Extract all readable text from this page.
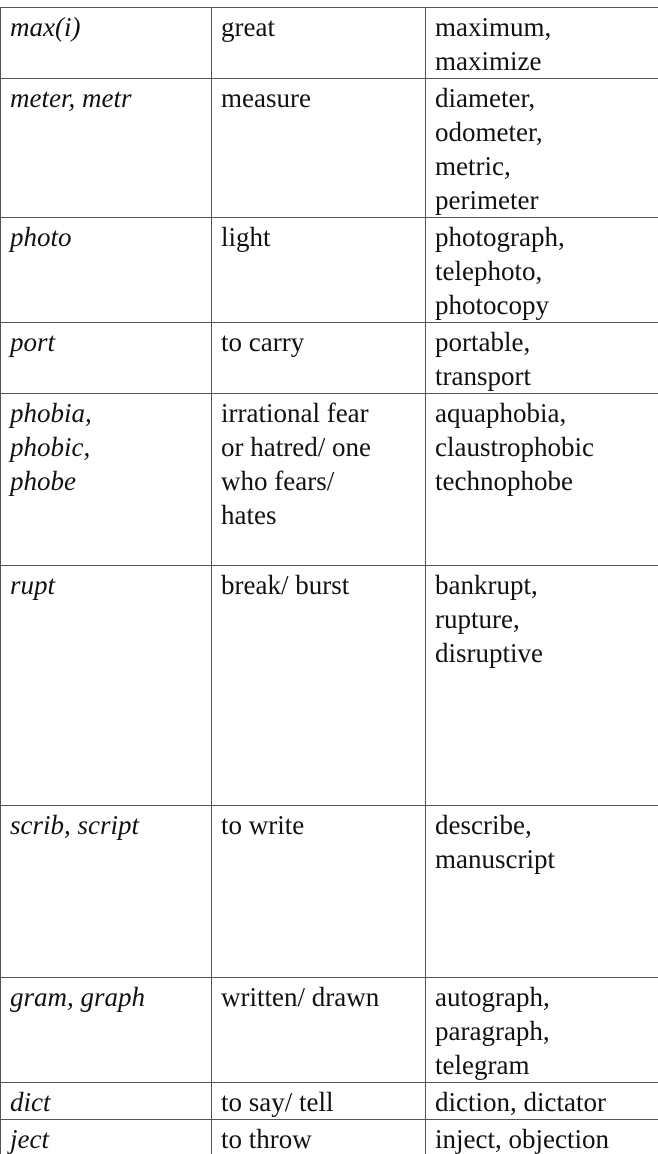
max(i)	great	maximum,
maximize

meter, metr	measure	diameter,
odometer,
metric,
perimeter

photo	light	photograph,
telephoto,
photocopy

port	to carry	portable,
transport

phobia,
phobic,
phobe	irrational fear
or hatred/ one
who fears/
hates	aquaphobia,
claustrophobic
technophobe

rupt	break/ burst	bankrupt,
rupture,
disruptive

scrib, script	to write	describe,
manuscript

gram, graph	written/ drawn	autograph,
paragraph,
telegram

dict	to say/ tell	diction, dictator

ject	to throw	inject, objection
